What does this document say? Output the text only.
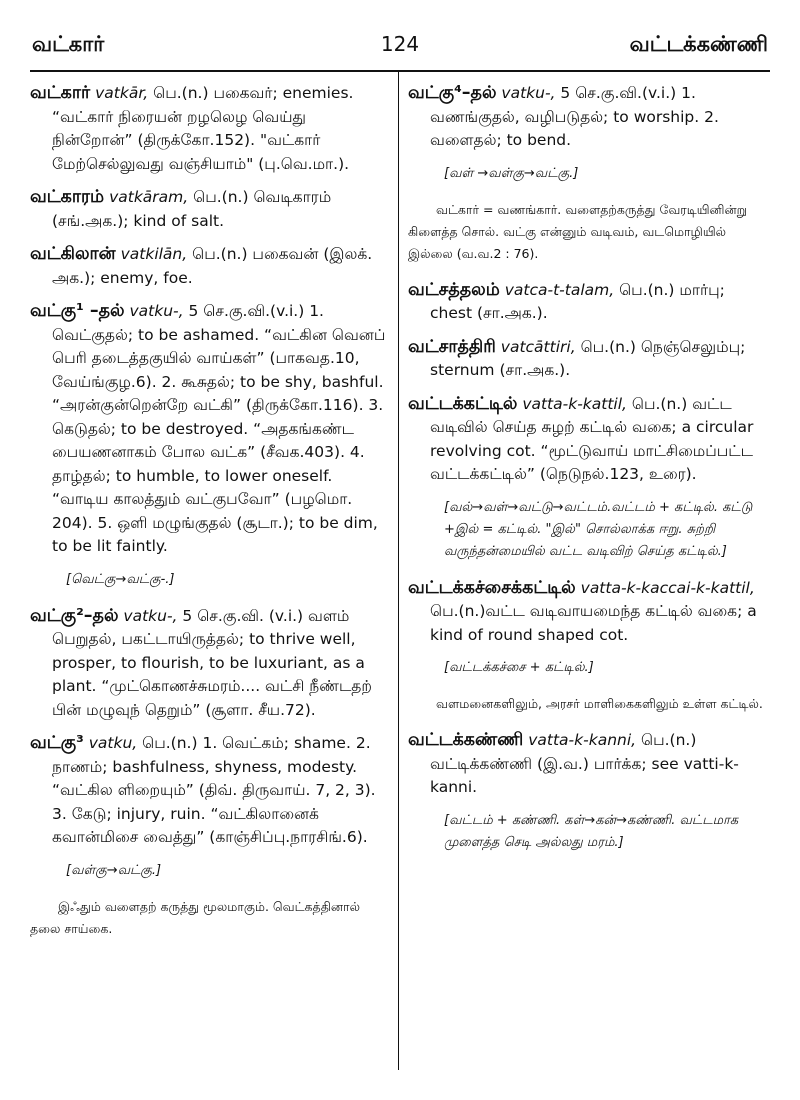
வட்கார்	124	வட்டக்கண்ணி
வட்கார் vatkār, பெ.(n.) பகைவர்; enemies. “வட்கார் நிரையன் றழலெழ வெய்து நின்றோன்” (திருக்கோ.152). "வட்கார் மேற்செல்லுவது வஞ்சியாம்" (பு.வெ.மா.).
வட்காரம் vatkāram, பெ.(n.) வெடிகாரம் (சங்.அக.); kind of salt.
வட்கிலான் vatkilān, பெ.(n.) பகைவன் (இலக். அக.); enemy, foe.
வட்கு¹ –தல் vatku-, 5 செ.கு.வி.(v.i.) 1. வெட்குதல்; to be ashamed. “வட்கின வெனப் பெரி தடைத்தகுயில் வாய்கள்” (பாகவத.10, வேய்ங்குழ.6). 2. கூசுதல்; to be shy, bashful. “அரன்குன்றென்றே வட்கி” (திருக்கோ.116). 3. கெடுதல்; to be destroyed. “அதகங்கண்ட பையணனாகம் போல வட்க” (சீவக.403). 4. தாழ்தல்; to humble, to lower oneself. “வாடிய காலத்தும் வட்குபவோ” (பழமொ. 204). 5. ஒளி மழுங்குதல் (சூடா.); to be dim, to be lit faintly.
[வெட்கு→வட்கு-.]
வட்கு²–தல் vatku-, 5 செ.கு.வி. (v.i.) வளம் பெறுதல், பகட்டாயிருத்தல்; to thrive well, prosper, to flourish, to be luxuriant, as a plant. “முட்கொணச்சுமரம்.... வட்சி நீண்டதற் பின் மழுவுந் தெறும்” (சூளா. சீய.72).
வட்கு³ vatku, பெ.(n.) 1. வெட்கம்; shame. 2. நாணம்; bashfulness, shyness, modesty. “வட்கில ளிறையும்” (திவ். திருவாய். 7, 2, 3). 3. கேடு; injury, ruin. “வட்கிலானைக் கவான்மிசை வைத்து” (காஞ்சிப்பு.நாரசிங்.6).
[வள்கு→வட்கு.]
இஃதும் வளைதற் கருத்து மூலமாகும். வெட்கத்தினால் தலை சாய்கை.
வட்கு⁴–தல் vatku-, 5 செ.கு.வி.(v.i.) 1. வணங்குதல், வழிபடுதல்; to worship. 2. வளைதல்; to bend.
[வள் →வள்கு→வட்கு.]
வட்கார் = வணங்கார். வளைதற்கருத்து வேரடியினின்று கிளைத்த சொல். வட்கு என்னும் வடிவம், வடமொழியில் இல்லை (வ.வ.2 : 76).
வட்சத்தலம் vatca-t-talam, பெ.(n.) மார்பு; chest (சா.அக.).
வட்சாத்திரி vatcāttiri, பெ.(n.) நெஞ்செலும்பு; sternum (சா.அக.).
வட்டக்கட்டில் vatta-k-kattil, பெ.(n.) வட்ட வடிவில் செய்த சுழற் கட்டில் வகை; a circular revolving cot. “மூட்டுவாய் மாட்சிமைப்பட்ட வட்டக்கட்டில்” (நெடுநல்.123, உரை).
[வல்→வள்→வட்டு→வட்டம்.வட்டம் + கட்டில். கட்டு +இல் = கட்டில். "இல்" சொல்லாக்க ஈறு. சுற்றி வருந்தன்மையில் வட்ட வடிவிற் செய்த கட்டில்.]
வட்டக்கச்சைக்கட்டில் vatta-k-kaccai-k-kattil, பெ.(n.)வட்ட வடிவாயமைந்த கட்டில் வகை; a kind of round shaped cot.
[வட்டக்கச்சை + கட்டில்.]
வளமனைகளிலும், அரசர் மாளிகைகளிலும் உள்ள கட்டில்.
வட்டக்கண்ணி vatta-k-kanni, பெ.(n.) வட்டிக்கண்ணி (இ.வ.) பார்க்க; see vatti-k-kanni.
[வட்டம் + கண்ணி. கள்→கன்→கண்ணி. வட்டமாக முளைத்த செடி அல்லது மரம்.]
